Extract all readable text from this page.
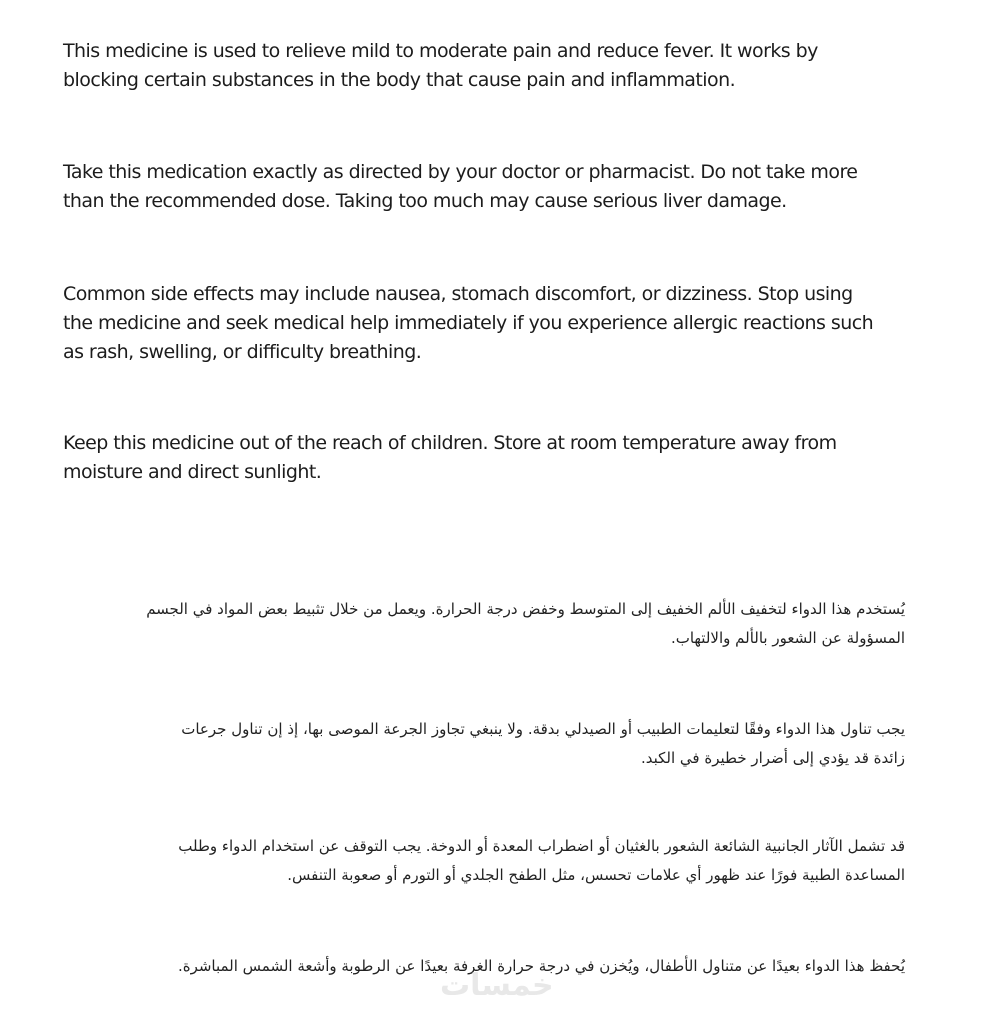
This medicine is used to relieve mild to moderate pain and reduce fever. It works by
blocking certain substances in the body that cause pain and inflammation.

Take this medication exactly as directed by your doctor or pharmacist. Do not take more
than the recommended dose. Taking too much may cause serious liver damage.

Common side effects may include nausea, stomach discomfort, or dizziness. Stop using
the medicine and seek medical help immediately if you experience allergic reactions such
as rash, swelling, or difficulty breathing.

Keep this medicine out of the reach of children. Store at room temperature away from
moisture and direct sunlight.

يُستخدم هذا الدواء لتخفيف الألم الخفيف إلى المتوسط وخفض درجة الحرارة. ويعمل من خلال تثبيط بعض المواد في الجسم
المسؤولة عن الشعور بالألم والالتهاب.

يجب تناول هذا الدواء وفقًا لتعليمات الطبيب أو الصيدلي بدقة. ولا ينبغي تجاوز الجرعة الموصى بها، إذ إن تناول جرعات
زائدة قد يؤدي إلى أضرار خطيرة في الكبد.

قد تشمل الآثار الجانبية الشائعة الشعور بالغثيان أو اضطراب المعدة أو الدوخة. يجب التوقف عن استخدام الدواء وطلب
المساعدة الطبية فورًا عند ظهور أي علامات تحسس، مثل الطفح الجلدي أو التورم أو صعوبة التنفس.

يُحفظ هذا الدواء بعيدًا عن متناول الأطفال، ويُخزن في درجة حرارة الغرفة بعيدًا عن الرطوبة وأشعة الشمس المباشرة.

خمسات
